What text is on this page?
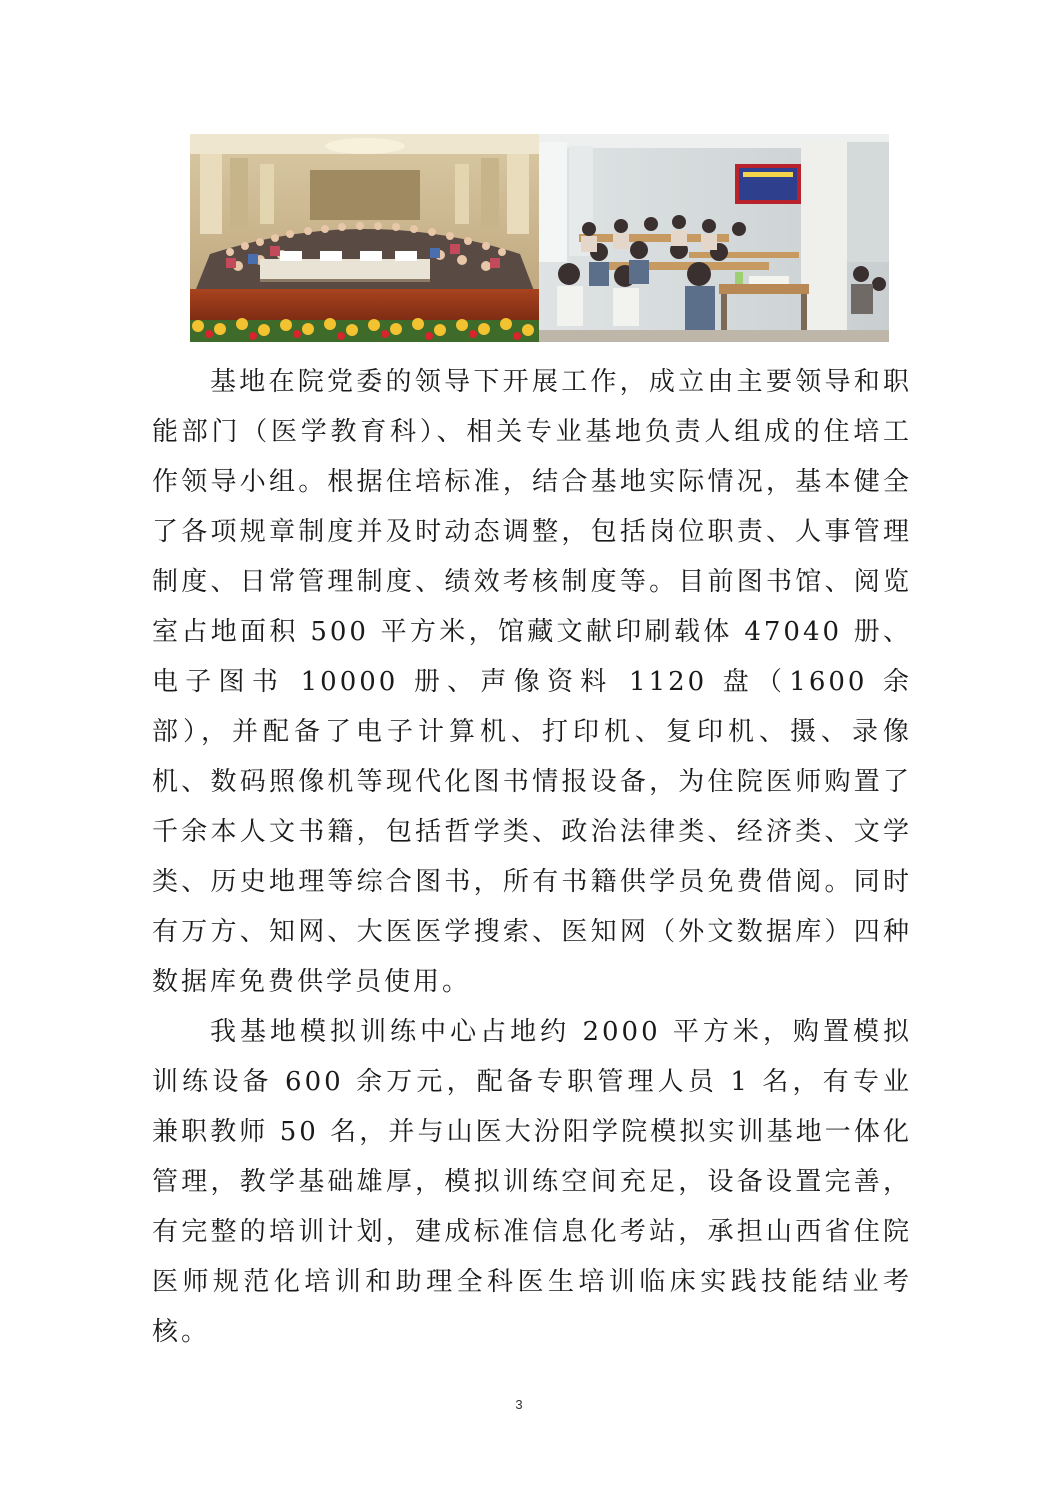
基地在院党委的领导下开展工作，成立由主要领导和职能部门（医学教育科）、相关专业基地负责人组成的住培工作领导小组。根据住培标准，结合基地实际情况，基本健全了各项规章制度并及时动态调整，包括岗位职责、人事管理制度、日常管理制度、绩效考核制度等。目前图书馆、阅览室占地面积 500 平方米，馆藏文献印刷载体 47040 册、电子图书 10000 册、声像资料 1120 盘（1600 余部），并配备了电子计算机、打印机、复印机、摄、录像机、数码照像机等现代化图书情报设备，为住院医师购置了千余本人文书籍，包括哲学类、政治法律类、经济类、文学类、历史地理等综合图书，所有书籍供学员免费借阅。同时有万方、知网、大医医学搜索、医知网（外文数据库）四种数据库免费供学员使用。

我基地模拟训练中心占地约 2000 平方米，购置模拟训练设备 600 余万元，配备专职管理人员 1 名，有专业兼职教师 50 名，并与山医大汾阳学院模拟实训基地一体化管理，教学基础雄厚，模拟训练空间充足，设备设置完善，有完整的培训计划，建成标准信息化考站，承担山西省住院医师规范化培训和助理全科医生培训临床实践技能结业考核。

3
